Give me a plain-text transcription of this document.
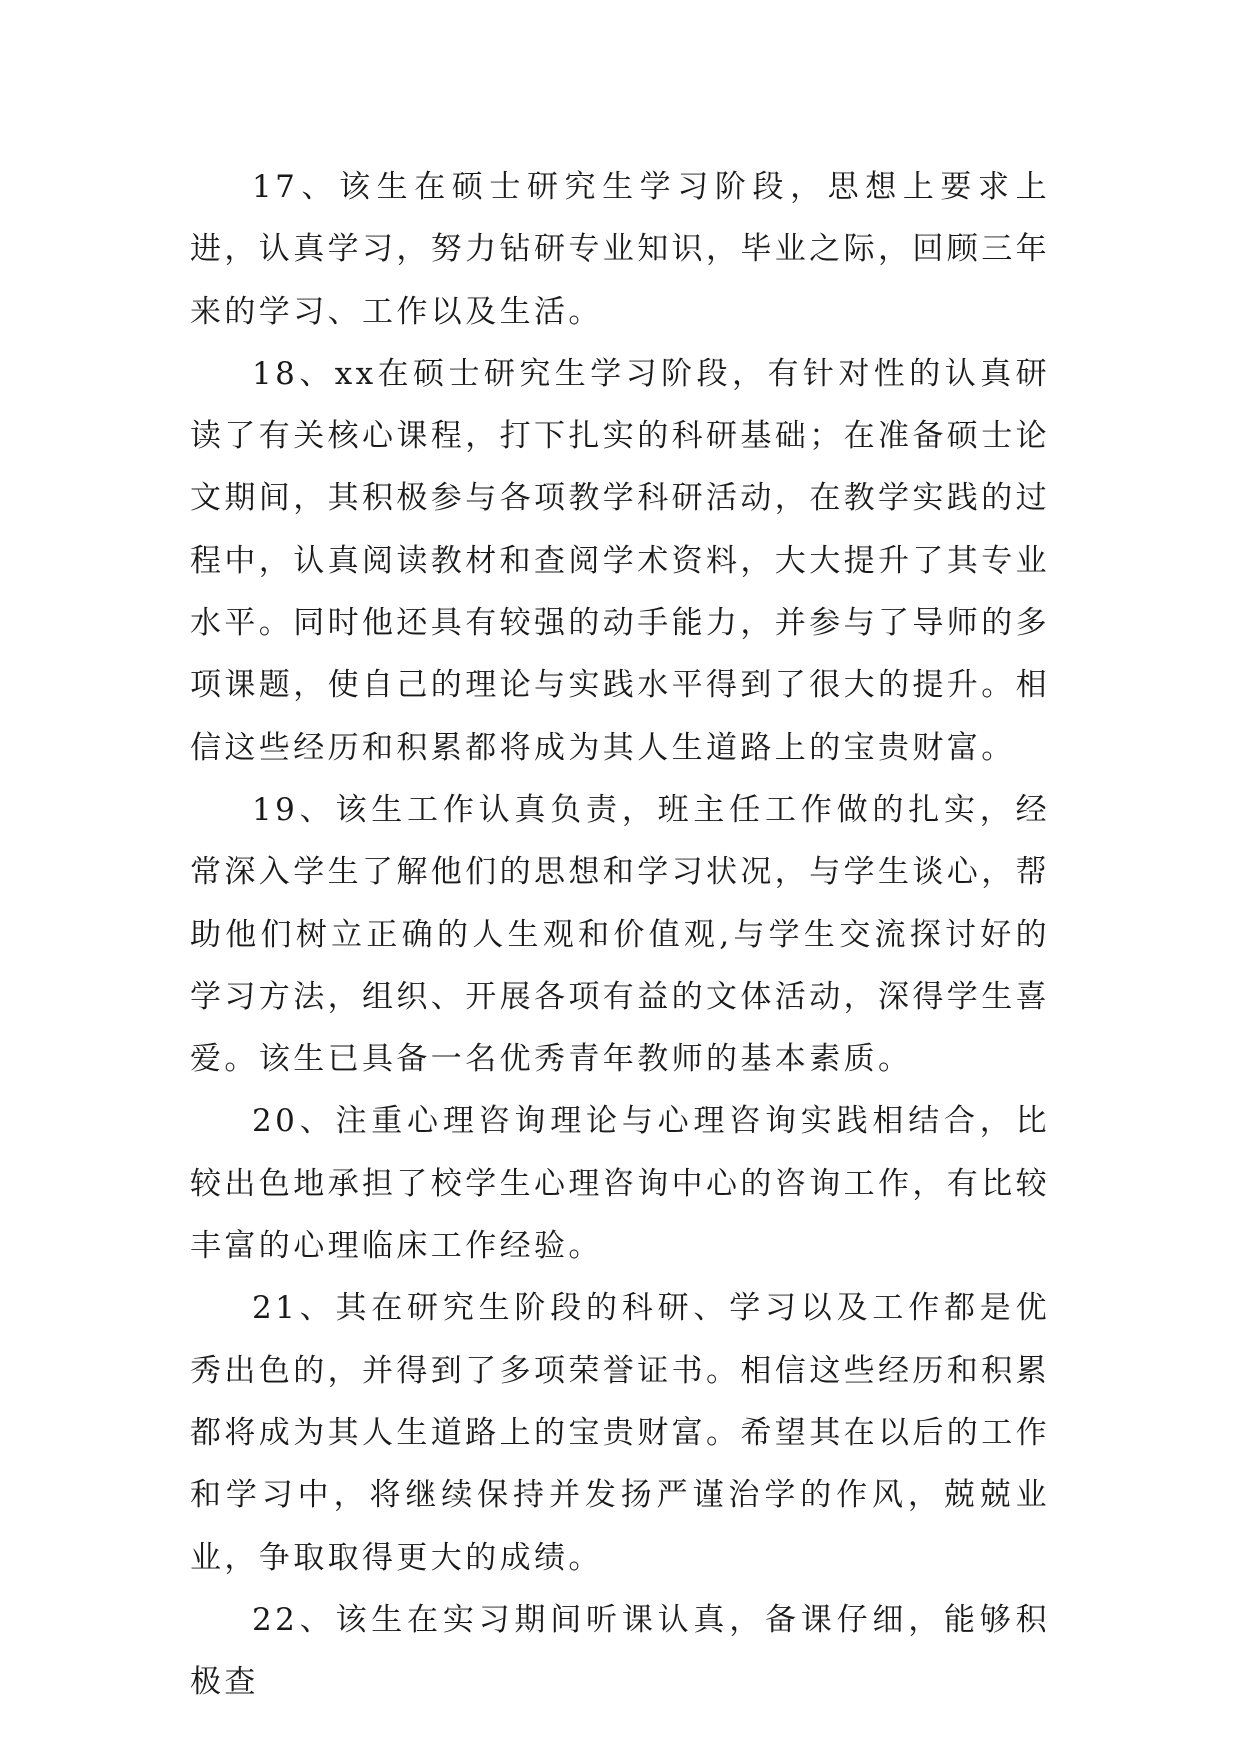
17、该生在硕士研究生学习阶段，思想上要求上进，认真学习，努力钻研专业知识，毕业之际，回顾三年来的学习、工作以及生活。

18、xx在硕士研究生学习阶段，有针对性的认真研读了有关核心课程，打下扎实的科研基础；在准备硕士论文期间，其积极参与各项教学科研活动，在教学实践的过程中，认真阅读教材和查阅学术资料，大大提升了其专业水平。同时他还具有较强的动手能力，并参与了导师的多项课题，使自己的理论与实践水平得到了很大的提升。相信这些经历和积累都将成为其人生道路上的宝贵财富。

19、该生工作认真负责，班主任工作做的扎实，经常深入学生了解他们的思想和学习状况，与学生谈心，帮助他们树立正确的人生观和价值观,与学生交流探讨好的学习方法，组织、开展各项有益的文体活动，深得学生喜爱。该生已具备一名优秀青年教师的基本素质。

20、注重心理咨询理论与心理咨询实践相结合，比较出色地承担了校学生心理咨询中心的咨询工作，有比较丰富的心理临床工作经验。

21、其在研究生阶段的科研、学习以及工作都是优秀出色的，并得到了多项荣誉证书。相信这些经历和积累都将成为其人生道路上的宝贵财富。希望其在以后的工作和学习中，将继续保持并发扬严谨治学的作风，兢兢业业，争取取得更大的成绩。

22、该生在实习期间听课认真，备课仔细，能够积极查
